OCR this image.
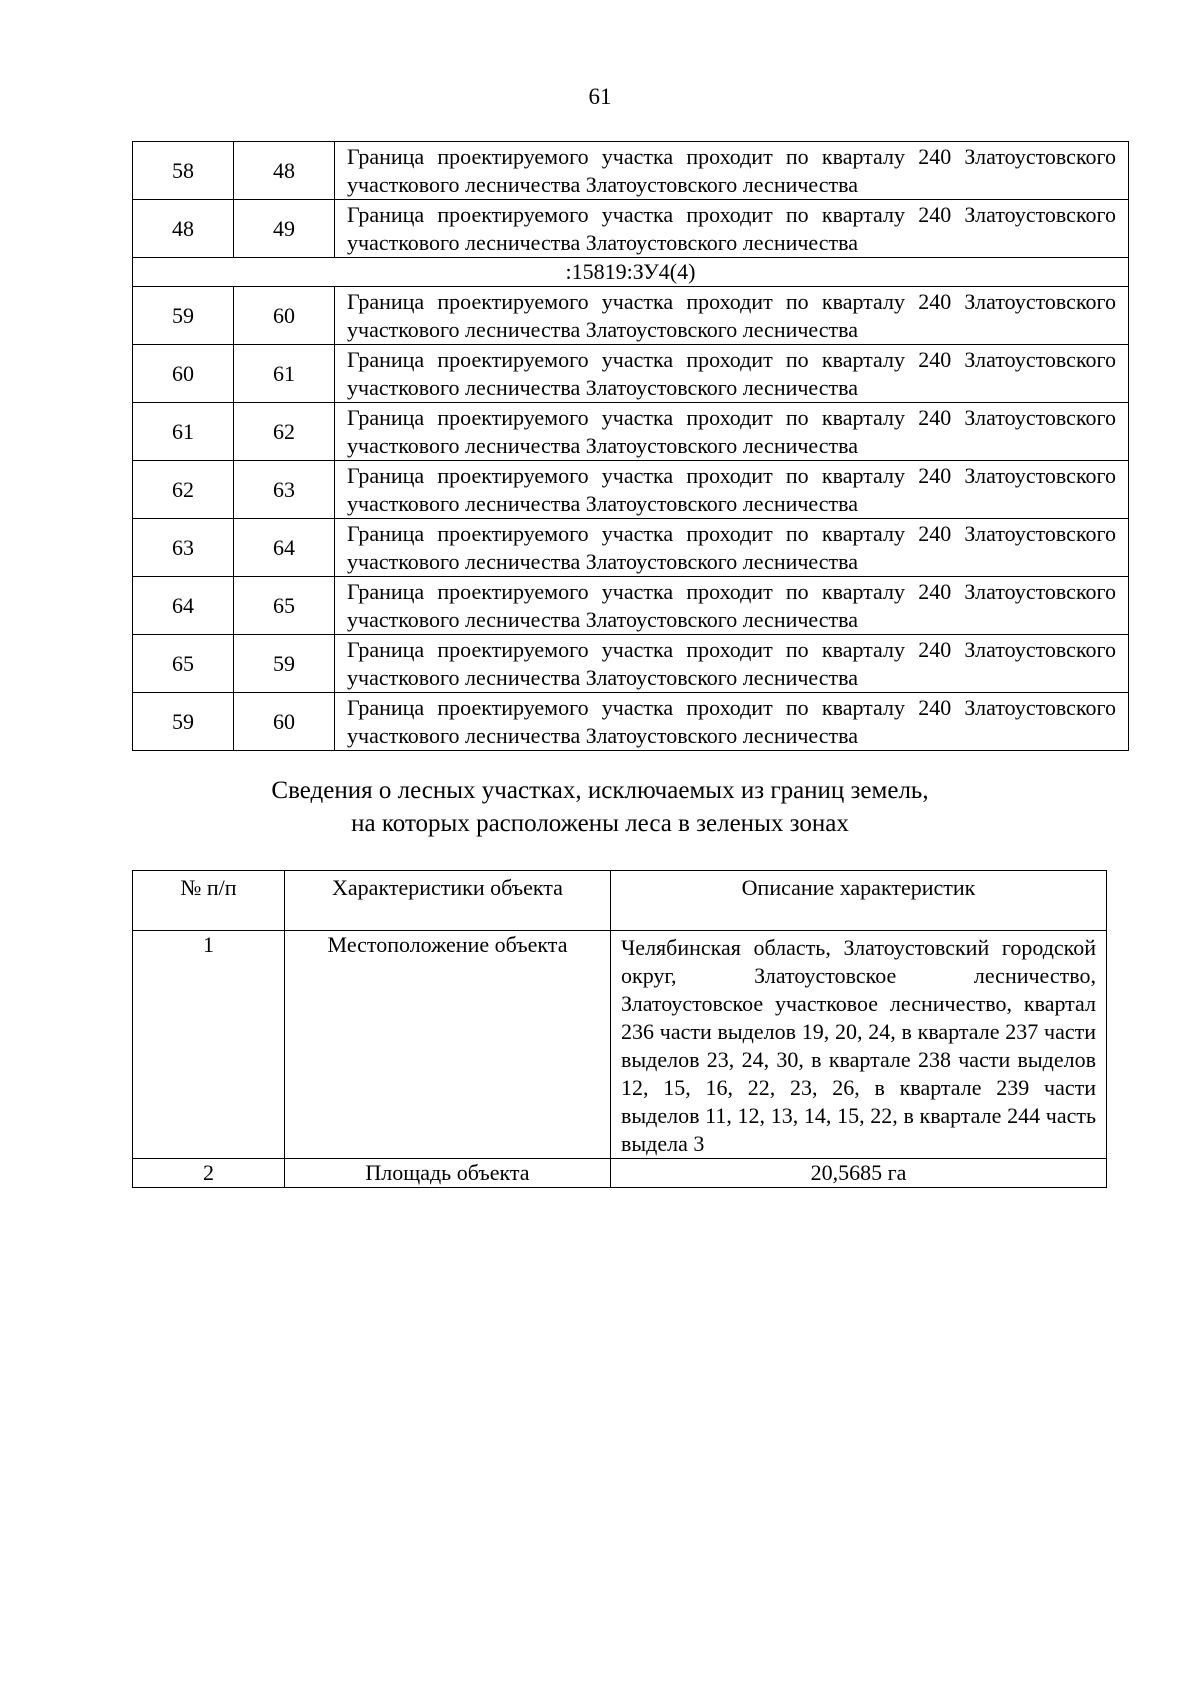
61
58	48	Граница проектируемого участка проходит по кварталу 240 Златоустовского участкового лесничества Златоустовского лесничества
48	49	Граница проектируемого участка проходит по кварталу 240 Златоустовского участкового лесничества Златоустовского лесничества
:15819:ЗУ4(4)		
59	60	Граница проектируемого участка проходит по кварталу 240 Златоустовского участкового лесничества Златоустовского лесничества
60	61	Граница проектируемого участка проходит по кварталу 240 Златоустовского участкового лесничества Златоустовского лесничества
61	62	Граница проектируемого участка проходит по кварталу 240 Златоустовского участкового лесничества Златоустовского лесничества
62	63	Граница проектируемого участка проходит по кварталу 240 Златоустовского участкового лесничества Златоустовского лесничества
63	64	Граница проектируемого участка проходит по кварталу 240 Златоустовского участкового лесничества Златоустовского лесничества
64	65	Граница проектируемого участка проходит по кварталу 240 Златоустовского участкового лесничества Златоустовского лесничества
65	59	Граница проектируемого участка проходит по кварталу 240 Златоустовского участкового лесничества Златоустовского лесничества
59	60	Граница проектируемого участка проходит по кварталу 240 Златоустовского участкового лесничества Златоустовского лесничества
Сведения о лесных участках, исключаемых из границ земель,
на которых расположены леса в зеленых зонах
№ п/п	Характеристики объекта	Описание характеристик
1	Местоположение объекта	Челябинская область, Златоустовский городской округ, Златоустовское лесничество, Златоустовское участковое лесничество, квартал 236 части выделов 19, 20, 24, в квартале 237 части выделов 23, 24, 30, в квартале 238 части выделов 12, 15, 16, 22, 23, 26, в квартале 239 части выделов 11, 12, 13, 14, 15, 22, в квартале 244 часть выдела 3
2	Площадь объекта	20,5685 га
